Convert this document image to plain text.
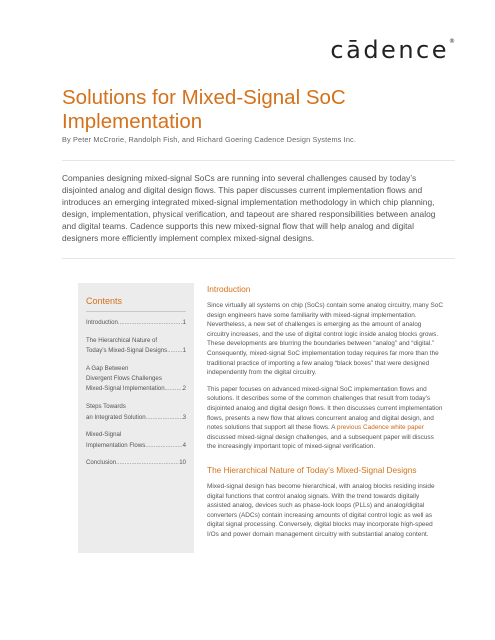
cādence®
Solutions for Mixed-Signal SoC Implementation
By Peter McCrorie, Randolph Fish, and Richard Goering Cadence Design Systems Inc.
Companies designing mixed-signal SoCs are running into several challenges caused by today’s disjointed analog and digital design flows. This paper discusses current implementation flows and introduces an emerging integrated mixed-signal implementation methodology in which chip planning, design, implementation, physical verification, and tapeout are shared responsibilities between analog and digital teams. Cadence supports this new mixed-signal flow that will help analog and digital designers more efficiently implement complex mixed-signal designs.
Contents
Introduction .....	1
The Hierarchical Nature of
Today’s Mixed-Signal Designs .....	1
A Gap Between
Divergent Flows Challenges
Mixed-Signal Implementation .....	2
Steps Towards
an Integrated Solution .....	3
Mixed-Signal
Implementation Flows .....	4
Conclusion .....	10
Introduction

Since virtually all systems on chip (SoCs) contain some analog circuitry, many SoC design engineers have some familiarity with mixed-signal implementation. Nevertheless, a new set of challenges is emerging as the amount of analog circuitry increases, and the use of digital control logic inside analog blocks grows. These developments are blurring the boundaries between “analog” and “digital.” Consequently, mixed-signal SoC implementation today requires far more than the traditional practice of importing a few analog “black boxes” that were designed independently from the digital circuitry.

This paper focuses on advanced mixed-signal SoC implementation flows and solutions. It describes some of the common challenges that result from today’s disjointed analog and digital design flows. It then discusses current implementation flows, presents a new flow that allows concurrent analog and digital design, and notes solutions that support all these flows. A previous Cadence white paper discussed mixed-signal design challenges, and a subsequent paper will discuss the increasingly important topic of mixed-signal verification.

The Hierarchical Nature of Today’s Mixed-Signal Designs

Mixed-signal design has become hierarchical, with analog blocks residing inside digital functions that control analog signals. With the trend towards digitally assisted analog, devices such as phase-lock loops (PLLs) and analog/digital converters (ADCs) contain increasing amounts of digital control logic as well as digital signal processing. Conversely, digital blocks may incorporate high-speed I/Os and power domain management circuitry with substantial analog content.
